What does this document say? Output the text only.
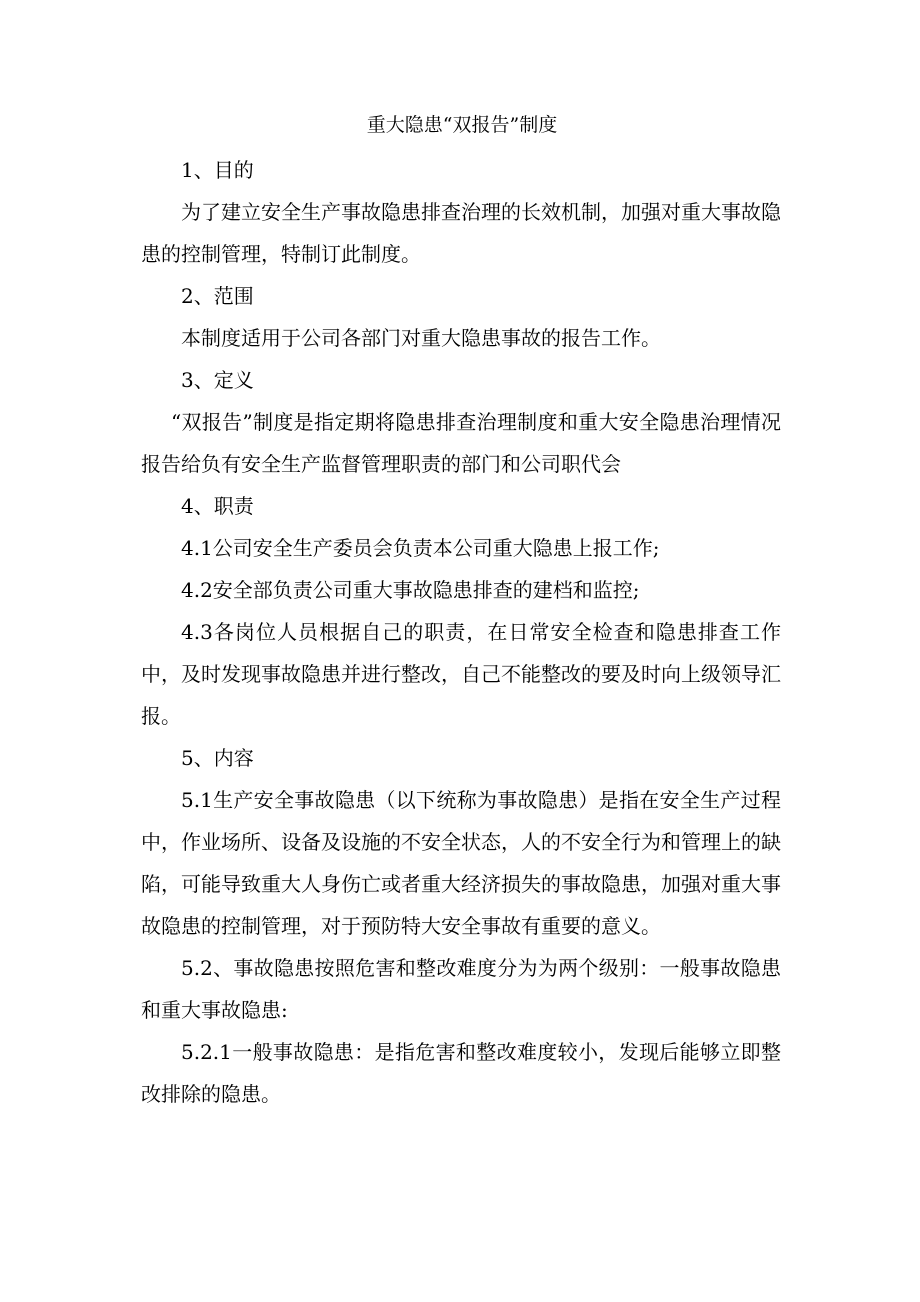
重大隐患“双报告”制度

1、目的

为了建立安全生产事故隐患排查治理的长效机制，加强对重大事故隐患的控制管理，特制订此制度。

2、范围

本制度适用于公司各部门对重大隐患事故的报告工作。

3、定义

“双报告”制度是指定期将隐患排查治理制度和重大安全隐患治理情况报告给负有安全生产监督管理职责的部门和公司职代会

4、职责

4.1公司安全生产委员会负责本公司重大隐患上报工作;

4.2安全部负责公司重大事故隐患排查的建档和监控;

4.3各岗位人员根据自己的职责，在日常安全检查和隐患排查工作中，及时发现事故隐患并进行整改，自己不能整改的要及时向上级领导汇报。

5、内容

5.1生产安全事故隐患（以下统称为事故隐患）是指在安全生产过程中，作业场所、设备及设施的不安全状态，人的不安全行为和管理上的缺陷，可能导致重大人身伤亡或者重大经济损失的事故隐患，加强对重大事故隐患的控制管理，对于预防特大安全事故有重要的意义。

5.2、事故隐患按照危害和整改难度分为为两个级别：一般事故隐患和重大事故隐患:

5.2.1一般事故隐患：是指危害和整改难度较小，发现后能够立即整改排除的隐患。
